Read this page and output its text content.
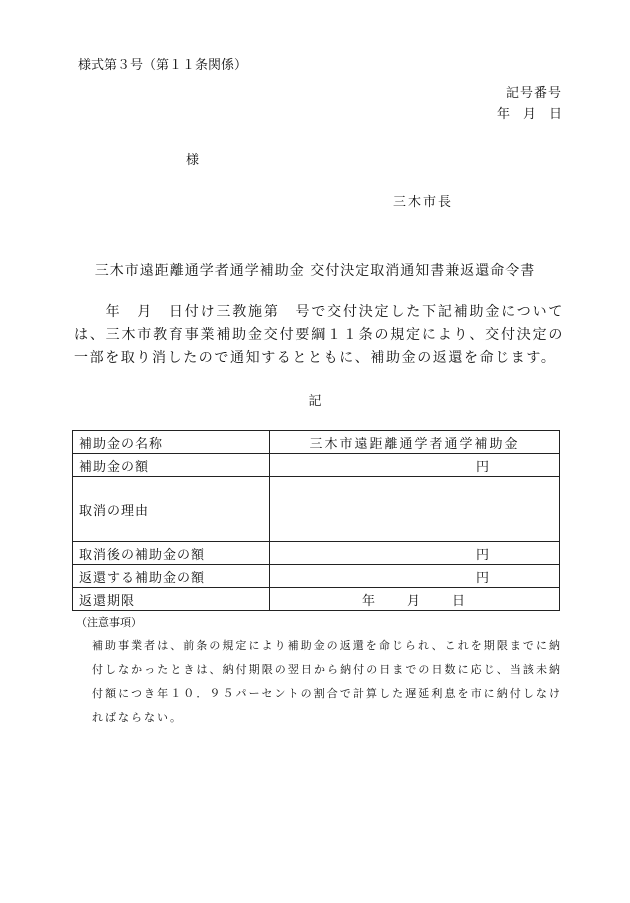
様式第３号（第１１条関係）
記号番号
年　月　日
様
三木市長
三木市遠距離通学者通学補助金 交付決定取消通知書兼返還命令書
　　年　月　日付け三教施第　号で交付決定した下記補助金については、三木市教育事業補助金交付要綱１１条の規定により、交付決定の一部を取り消したので通知するとともに、補助金の返還を命じます。
記
補助金の名称	三木市遠距離通学者通学補助金
補助金の額	円
取消の理由	
取消後の補助金の額	円
返還する補助金の額	円
返還期限	年　　月　　日
（注意事項）
補助事業者は、前条の規定により補助金の返還を命じられ、これを期限までに納付しなかったときは、納付期限の翌日から納付の日までの日数に応じ、当該未納付額につき年１０．９５パーセントの割合で計算した遅延利息を市に納付しなければならない。
